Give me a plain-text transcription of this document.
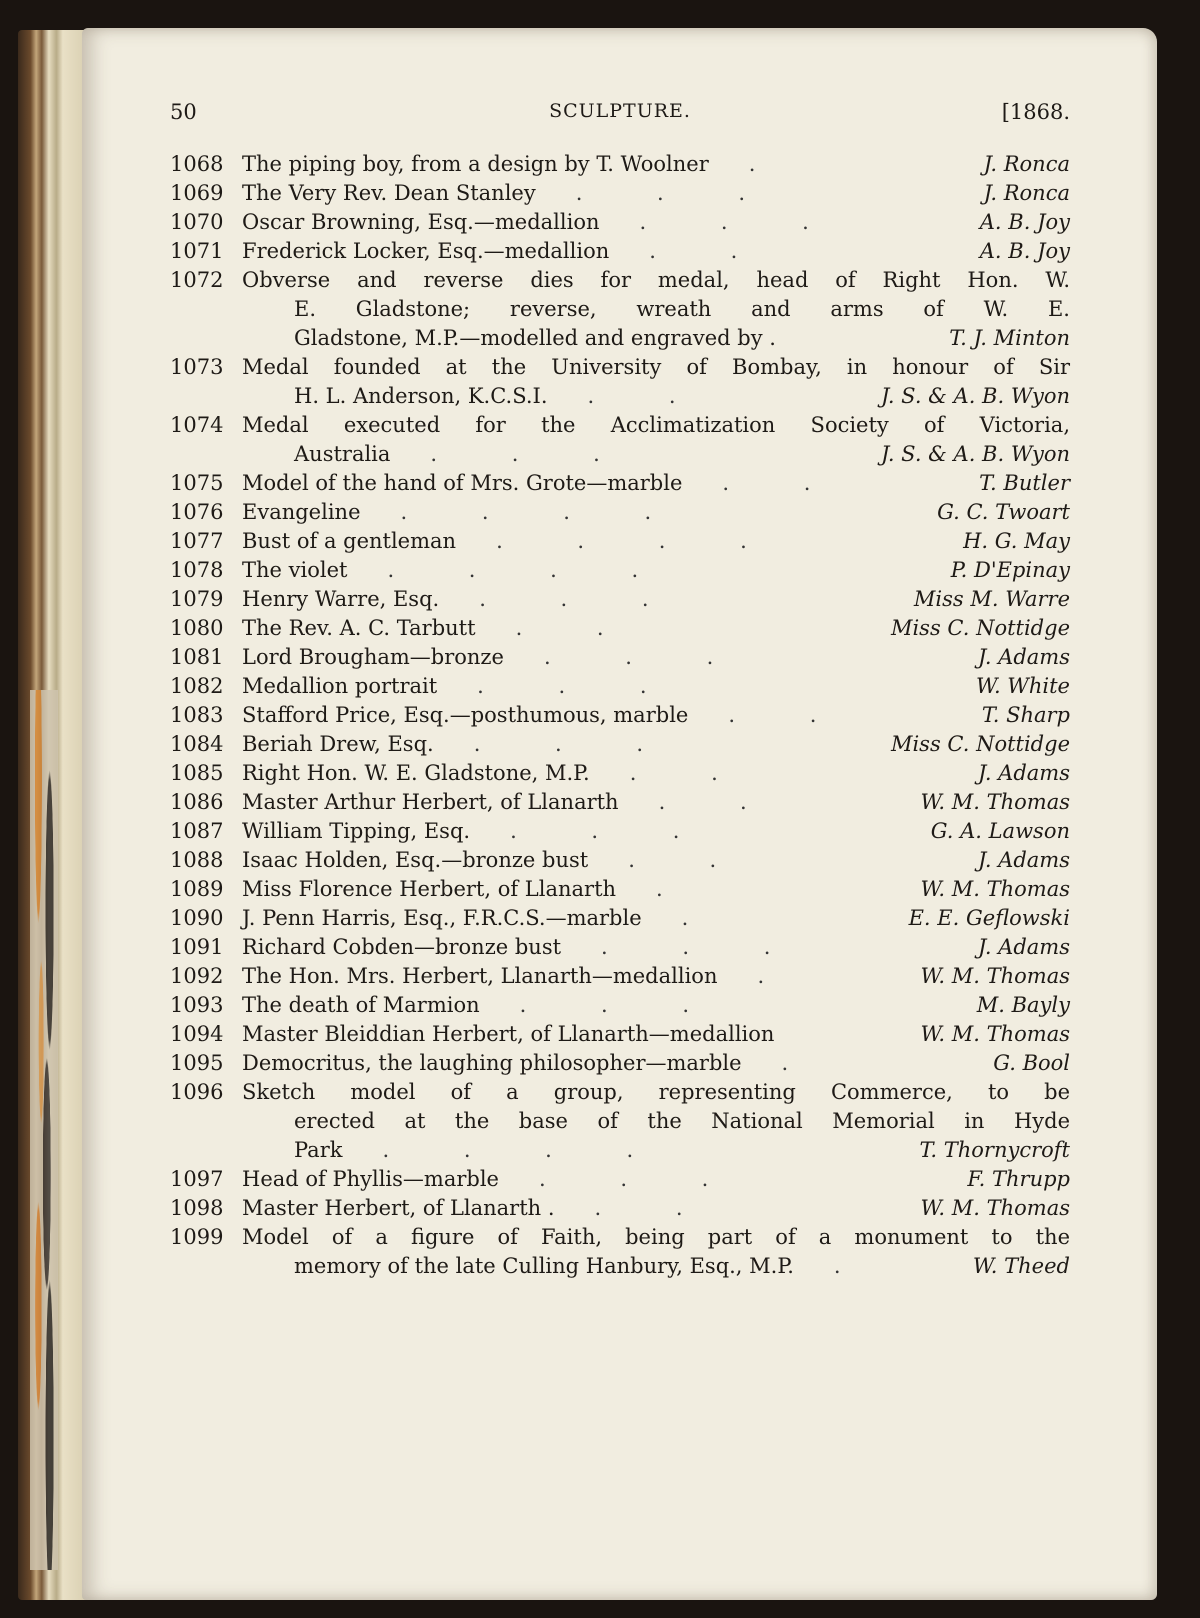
50	SCULPTURE.	[1868.
1068 The piping boy, from a design by T. Woolner .	J. Ronca
1069 The Very Rev. Dean Stanley . . .	J. Ronca
1070 Oscar Browning, Esq.—medallion . . .	A. B. Joy
1071 Frederick Locker, Esq.—medallion . .	A. B. Joy
1072 Obverse and reverse dies for medal, head of Right Hon. W.
E. Gladstone; reverse, wreath and arms of W. E.
Gladstone, M.P.—modelled and engraved by .	T. J. Minton
1073 Medal founded at the University of Bombay, in honour of Sir
H. L. Anderson, K.C.S.I. . .	J. S. & A. B. Wyon
1074 Medal executed for the Acclimatization Society of Victoria,
Australia . . .	J. S. & A. B. Wyon
1075 Model of the hand of Mrs. Grote—marble . .	T. Butler
1076 Evangeline . . . .	G. C. Twoart
1077 Bust of a gentleman . . . .	H. G. May
1078 The violet . . . .	P. D'Epinay
1079 Henry Warre, Esq. . . .	Miss M. Warre
1080 The Rev. A. C. Tarbutt . .	Miss C. Nottidge
1081 Lord Brougham—bronze . . .	J. Adams
1082 Medallion portrait . . .	W. White
1083 Stafford Price, Esq.—posthumous, marble . .	T. Sharp
1084 Beriah Drew, Esq. . . .	Miss C. Nottidge
1085 Right Hon. W. E. Gladstone, M.P. . .	J. Adams
1086 Master Arthur Herbert, of Llanarth . .	W. M. Thomas
1087 William Tipping, Esq. . . .	G. A. Lawson
1088 Isaac Holden, Esq.—bronze bust . .	J. Adams
1089 Miss Florence Herbert, of Llanarth .	W. M. Thomas
1090 J. Penn Harris, Esq., F.R.C.S.—marble .	E. E. Geflowski
1091 Richard Cobden—bronze bust . . .	J. Adams
1092 The Hon. Mrs. Herbert, Llanarth—medallion .	W. M. Thomas
1093 The death of Marmion . . .	M. Bayly
1094 Master Bleiddian Herbert, of Llanarth—medallion	W. M. Thomas
1095 Democritus, the laughing philosopher—marble .	G. Bool
1096 Sketch model of a group, representing Commerce, to be
erected at the base of the National Memorial in Hyde
Park . . . .	T. Thornycroft
1097 Head of Phyllis—marble . . .	F. Thrupp
1098 Master Herbert, of Llanarth . . .	W. M. Thomas
1099 Model of a figure of Faith, being part of a monument to the
memory of the late Culling Hanbury, Esq., M.P. .	W. Theed
